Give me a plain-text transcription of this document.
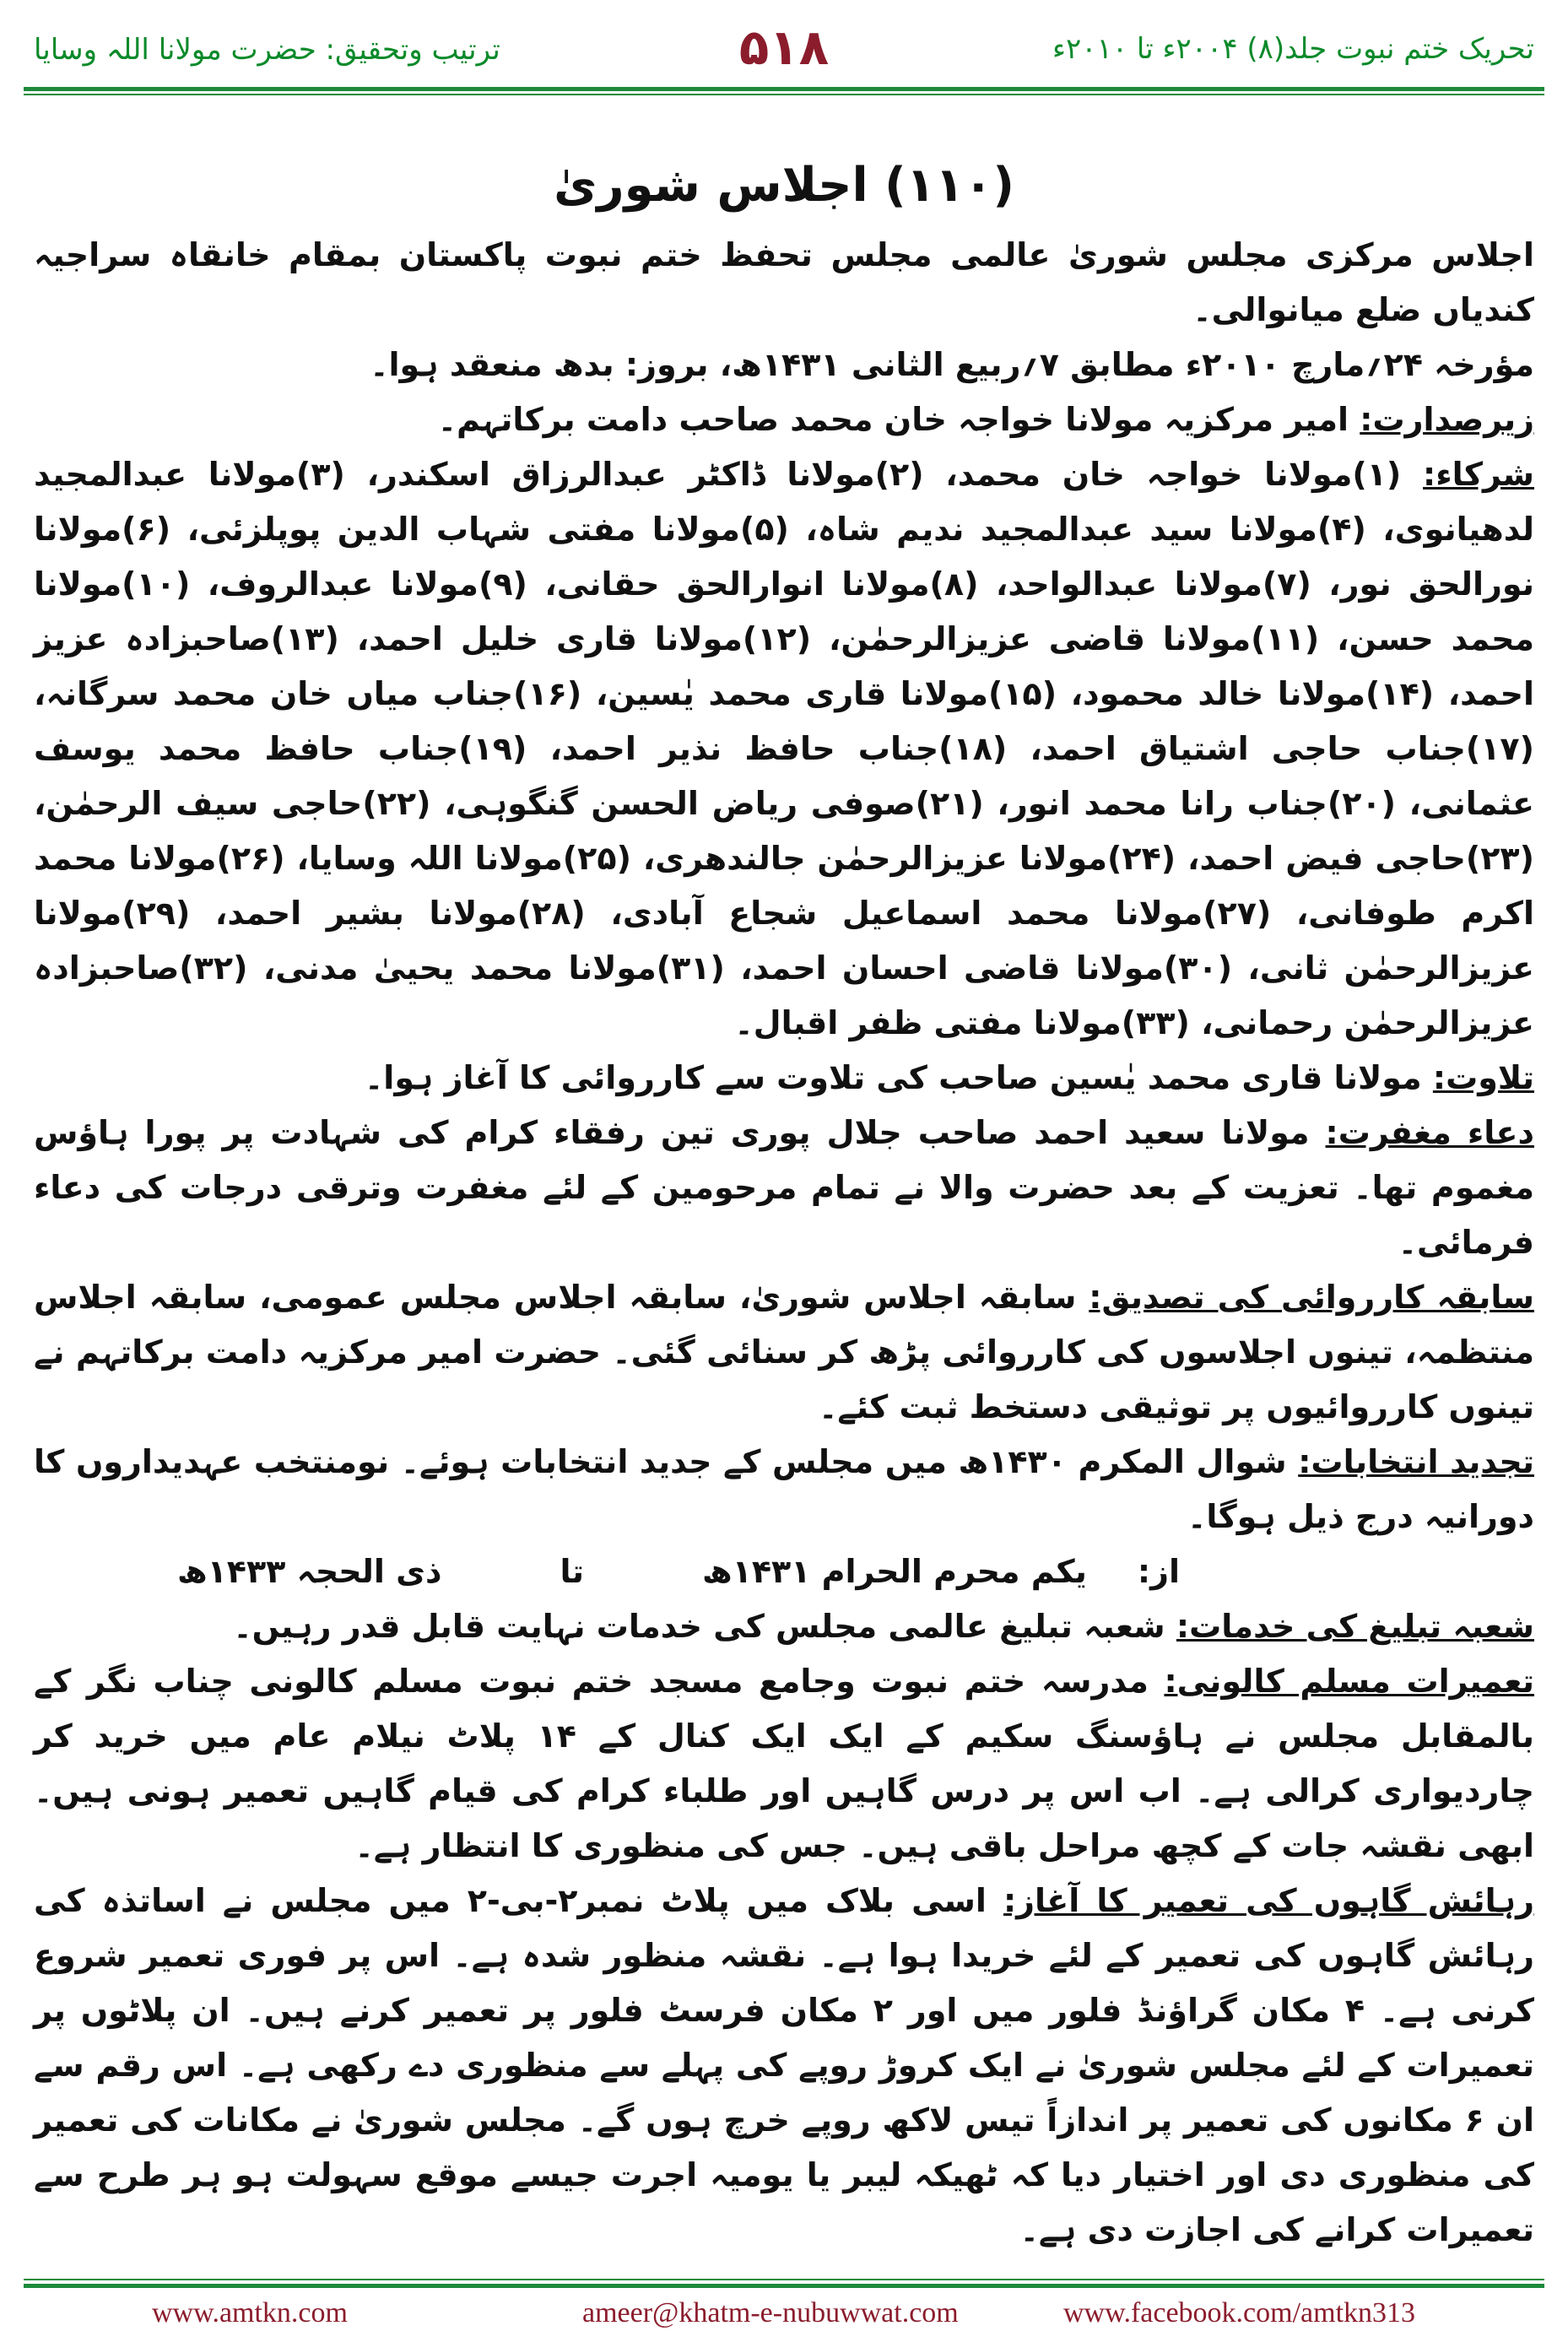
تحریک ختم نبوت جلد(۸) ۲۰۰۴ء تا ۲۰۱۰ء
۵۱۸
ترتیب وتحقیق: حضرت مولانا اللہ وسایا
(۱۱۰) اجلاس شوریٰ

اجلاس مرکزی مجلس شوریٰ عالمی مجلس تحفظ ختم نبوت پاکستان بمقام خانقاہ سراجیہ کندیاں ضلع میانوالی۔

مؤرخہ ۲۴؍مارچ ۲۰۱۰ء مطابق ۷؍ربیع الثانی ۱۴۳۱ھ، بروز: بدھ منعقد ہوا۔

زیرصدارت: امیر مرکزیہ مولانا خواجہ خان محمد صاحب دامت برکاتہم۔

شرکاء: (۱)مولانا خواجہ خان محمد، (۲)مولانا ڈاکٹر عبدالرزاق اسکندر، (۳)مولانا عبدالمجید لدھیانوی، (۴)مولانا سید عبدالمجید ندیم شاہ، (۵)مولانا مفتی شہاب الدین پوپلزئی، (۶)مولانا نورالحق نور، (۷)مولانا عبدالواحد، (۸)مولانا انوارالحق حقانی، (۹)مولانا عبدالروف، (۱۰)مولانا محمد حسن، (۱۱)مولانا قاضی عزیزالرحمٰن، (۱۲)مولانا قاری خلیل احمد، (۱۳)صاحبزادہ عزیز احمد، (۱۴)مولانا خالد محمود، (۱۵)مولانا قاری محمد یٰسین، (۱۶)جناب میاں خان محمد سرگانہ، (۱۷)جناب حاجی اشتیاق احمد، (۱۸)جناب حافظ نذیر احمد، (۱۹)جناب حافظ محمد یوسف عثمانی، (۲۰)جناب رانا محمد انور، (۲۱)صوفی ریاض الحسن گنگوہی، (۲۲)حاجی سیف الرحمٰن، (۲۳)حاجی فیض احمد، (۲۴)مولانا عزیزالرحمٰن جالندھری، (۲۵)مولانا اللہ وسایا، (۲۶)مولانا محمد اکرم طوفانی، (۲۷)مولانا محمد اسماعیل شجاع آبادی، (۲۸)مولانا بشیر احمد، (۲۹)مولانا عزیزالرحمٰن ثانی، (۳۰)مولانا قاضی احسان احمد، (۳۱)مولانا محمد یحییٰ مدنی، (۳۲)صاحبزادہ عزیزالرحمٰن رحمانی، (۳۳)مولانا مفتی ظفر اقبال۔

تلاوت: مولانا قاری محمد یٰسین صاحب کی تلاوت سے کارروائی کا آغاز ہوا۔

دعاء مغفرت: مولانا سعید احمد صاحب جلال پوری تین رفقاء کرام کی شہادت پر پورا ہاؤس مغموم تھا۔ تعزیت کے بعد حضرت والا نے تمام مرحومین کے لئے مغفرت وترقی درجات کی دعاء فرمائی۔

سابقہ کارروائی کی تصدیق: سابقہ اجلاس شوریٰ، سابقہ اجلاس مجلس عمومی، سابقہ اجلاس منتظمہ، تینوں اجلاسوں کی کارروائی پڑھ کر سنائی گئی۔ حضرت امیر مرکزیہ دامت برکاتہم نے تینوں کارروائیوں پر توثیقی دستخط ثبت کئے۔

تجدید انتخابات: شوال المکرم ۱۴۳۰ھ میں مجلس کے جدید انتخابات ہوئے۔ نومنتخب عہدیداروں کا دورانیہ درج ذیل ہوگا۔

از:
یکم محرم الحرام ۱۴۳۱ھ
تا
ذی الحجہ ۱۴۳۳ھ

شعبہ تبلیغ کی خدمات: شعبہ تبلیغ عالمی مجلس کی خدمات نہایت قابل قدر رہیں۔

تعمیرات مسلم کالونی: مدرسہ ختم نبوت وجامع مسجد ختم نبوت مسلم کالونی چناب نگر کے بالمقابل مجلس نے ہاؤسنگ سکیم کے ایک ایک کنال کے ۱۴ پلاٹ نیلام عام میں خرید کر چاردیواری کرالی ہے۔ اب اس پر درس گاہیں اور طلباء کرام کی قیام گاہیں تعمیر ہونی ہیں۔ ابھی نقشہ جات کے کچھ مراحل باقی ہیں۔ جس کی منظوری کا انتظار ہے۔

رہائش گاہوں کی تعمیر کا آغاز: اسی بلاک میں پلاٹ نمبر۲-بی-۲ میں مجلس نے اساتذہ کی رہائش گاہوں کی تعمیر کے لئے خریدا ہوا ہے۔ نقشہ منظور شدہ ہے۔ اس پر فوری تعمیر شروع کرنی ہے۔ ۴ مکان گراؤنڈ فلور میں اور ۲ مکان فرسٹ فلور پر تعمیر کرنے ہیں۔ ان پلاٹوں پر تعمیرات کے لئے مجلس شوریٰ نے ایک کروڑ روپے کی پہلے سے منظوری دے رکھی ہے۔ اس رقم سے ان ۶ مکانوں کی تعمیر پر اندازاً تیس لاکھ روپے خرچ ہوں گے۔ مجلس شوریٰ نے مکانات کی تعمیر کی منظوری دی اور اختیار دیا کہ ٹھیکہ لیبر یا یومیہ اجرت جیسے موقع سہولت ہو ہر طرح سے تعمیرات کرانے کی اجازت دی ہے۔

www.amtkn.com	ameer@khatm-e-nubuwwat.com	www.facebook.com/amtkn313
